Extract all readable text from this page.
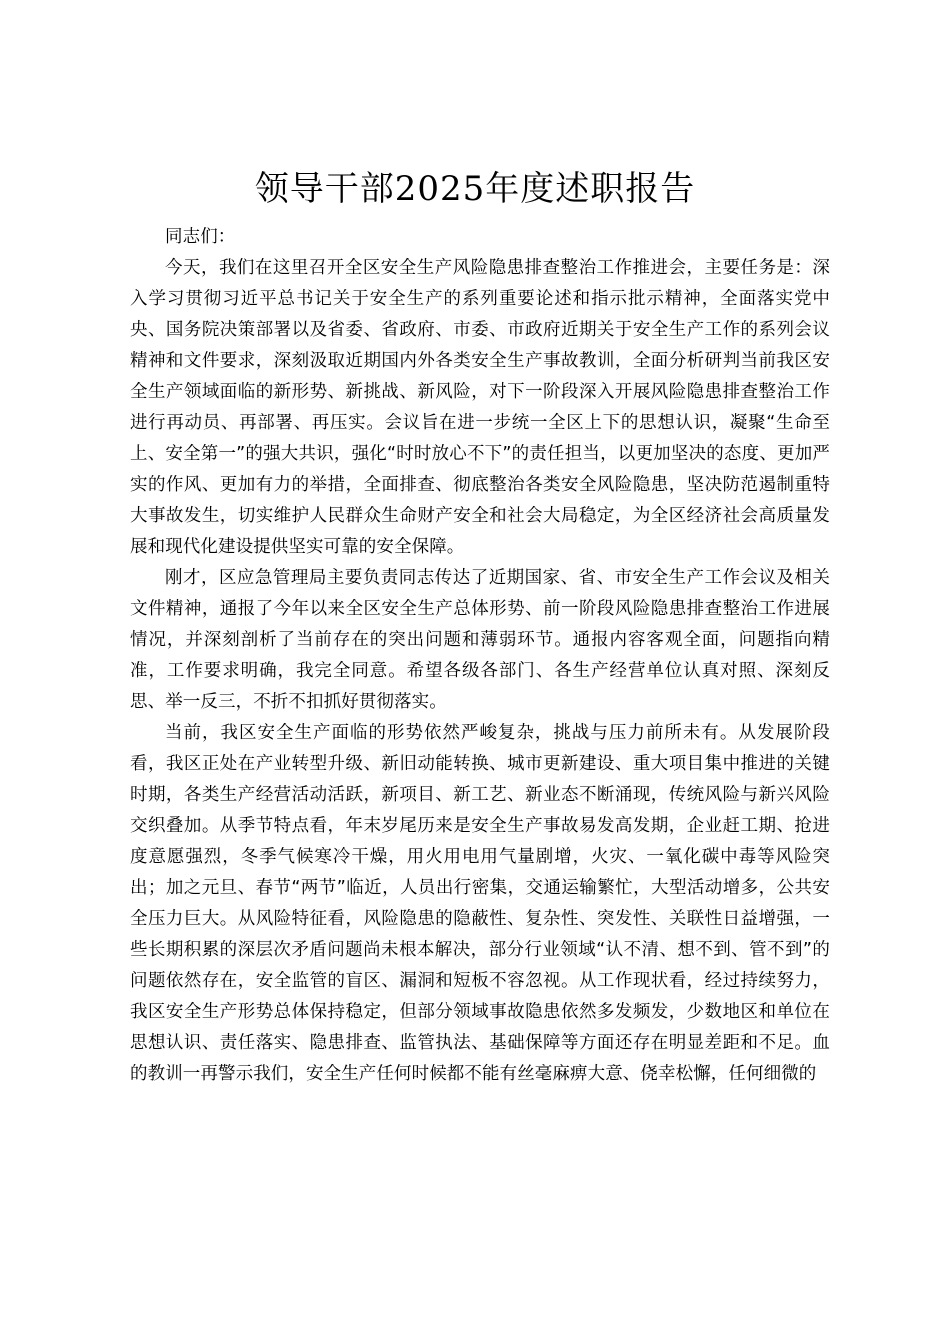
领导干部2025年度述职报告

同志们：

今天，我们在这里召开全区安全生产风险隐患排查整治工作推进会，主要任务是：深入学习贯彻习近平总书记关于安全生产的系列重要论述和指示批示精神，全面落实党中央、国务院决策部署以及省委、省政府、市委、市政府近期关于安全生产工作的系列会议精神和文件要求，深刻汲取近期国内外各类安全生产事故教训，全面分析研判当前我区安全生产领域面临的新形势、新挑战、新风险，对下一阶段深入开展风险隐患排查整治工作进行再动员、再部署、再压实。会议旨在进一步统一全区上下的思想认识，凝聚“生命至上、安全第一”的强大共识，强化“时时放心不下”的责任担当，以更加坚决的态度、更加严实的作风、更加有力的举措，全面排查、彻底整治各类安全风险隐患，坚决防范遏制重特大事故发生，切实维护人民群众生命财产安全和社会大局稳定，为全区经济社会高质量发展和现代化建设提供坚实可靠的安全保障。

刚才，区应急管理局主要负责同志传达了近期国家、省、市安全生产工作会议及相关文件精神，通报了今年以来全区安全生产总体形势、前一阶段风险隐患排查整治工作进展情况，并深刻剖析了当前存在的突出问题和薄弱环节。通报内容客观全面，问题指向精准，工作要求明确，我完全同意。希望各级各部门、各生产经营单位认真对照、深刻反思、举一反三，不折不扣抓好贯彻落实。

当前，我区安全生产面临的形势依然严峻复杂，挑战与压力前所未有。从发展阶段看，我区正处在产业转型升级、新旧动能转换、城市更新建设、重大项目集中推进的关键时期，各类生产经营活动活跃，新项目、新工艺、新业态不断涌现，传统风险与新兴风险交织叠加。从季节特点看，年末岁尾历来是安全生产事故易发高发期，企业赶工期、抢进度意愿强烈，冬季气候寒冷干燥，用火用电用气量剧增，火灾、一氧化碳中毒等风险突出；加之元旦、春节“两节”临近，人员出行密集，交通运输繁忙，大型活动增多，公共安全压力巨大。从风险特征看，风险隐患的隐蔽性、复杂性、突发性、关联性日益增强，一些长期积累的深层次矛盾问题尚未根本解决，部分行业领域“认不清、想不到、管不到”的问题依然存在，安全监管的盲区、漏洞和短板不容忽视。从工作现状看，经过持续努力，我区安全生产形势总体保持稳定，但部分领域事故隐患依然多发频发，少数地区和单位在思想认识、责任落实、隐患排查、监管执法、基础保障等方面还存在明显差距和不足。血的教训一再警示我们，安全生产任何时候都不能有丝毫麻痹大意、侥幸松懈，任何细微的
